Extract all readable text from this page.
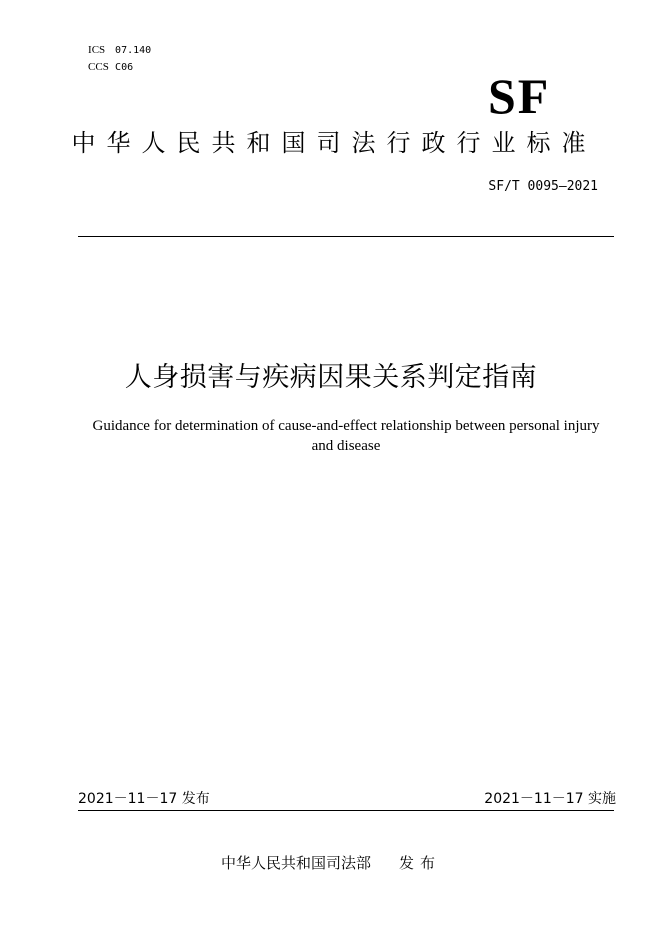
ICS 07.140

CCS C06

SF
中华人民共和国司法行政行业标准
SF/T 0095—2021
人身损害与疾病因果关系判定指南
Guidance for determination of cause-and-effect relationship between personal injury and disease
2021－11－17 发布	2021－11－17 实施
中华人民共和国司法部 发布
